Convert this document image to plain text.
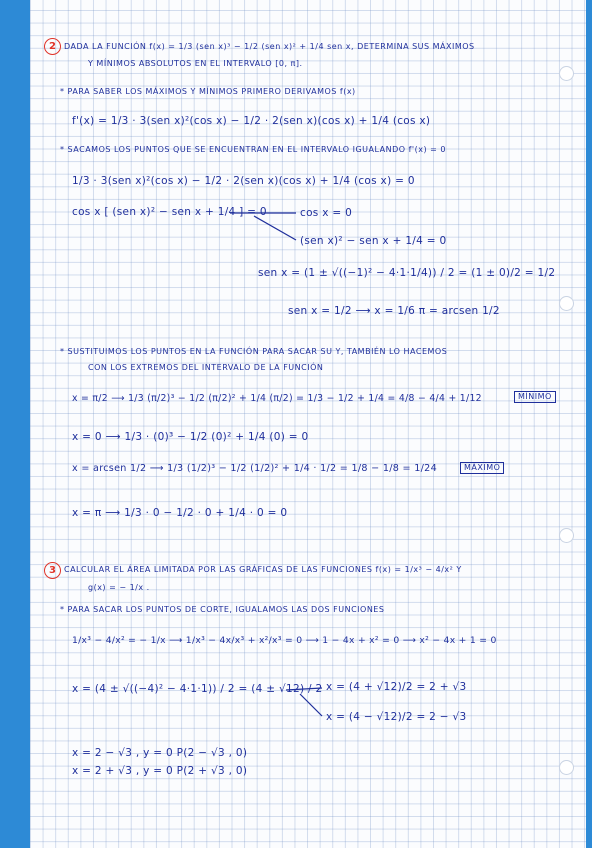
2	DADA LA FUNCIÓN f(x) = 1/3 (sen x)³ − 1/2 (sen x)² + 1/4 sen x, DETERMINA SUS MÁXIMOS
Y MÍNIMOS ABSOLUTOS EN EL INTERVALO [0, π].
* PARA SABER LOS MÁXIMOS Y MÍNIMOS PRIMERO DERIVAMOS f(x)
f'(x) = 1/3 · 3(sen x)²(cos x) − 1/2 · 2(sen x)(cos x) + 1/4 (cos x)
* SACAMOS LOS PUNTOS QUE SE ENCUENTRAN EN EL INTERVALO IGUALANDO f'(x) = 0
1/3 · 3(sen x)²(cos x) − 1/2 · 2(sen x)(cos x) + 1/4 (cos x) = 0
cos x [ (sen x)² − sen x + 1/4 ] = 0	cos x = 0
(sen x)² − sen x + 1/4 = 0
sen x = (1 ± √((−1)² − 4·1·1/4)) / 2 = (1 ± 0)/2 = 1/2
sen x = 1/2 ⟶ x = 1/6 π = arcsen 1/2
* SUSTITUIMOS LOS PUNTOS EN LA FUNCIÓN PARA SACAR SU Y, TAMBIÉN LO HACEMOS
CON LOS EXTREMOS DEL INTERVALO DE LA FUNCIÓN
x = π/2 ⟶ 1/3 (π/2)³ − 1/2 (π/2)² + 1/4 (π/2) = 1/3 − 1/2 + 1/4 = 4/8 − 4/4 + 1/12	MÍNIMO
x = 0 ⟶ 1/3 · (0)³ − 1/2 (0)² + 1/4 (0) = 0
x = arcsen 1/2 ⟶ 1/3 (1/2)³ − 1/2 (1/2)² + 1/4 · 1/2 = 1/8 − 1/8 = 1/24	MÁXIMO
x = π ⟶ 1/3 · 0 − 1/2 · 0 + 1/4 · 0 = 0
3	CALCULAR EL ÁREA LIMITADA POR LAS GRÁFICAS DE LAS FUNCIONES f(x) = 1/x³ − 4/x² Y
g(x) = − 1/x .
* PARA SACAR LOS PUNTOS DE CORTE, IGUALAMOS LAS DOS FUNCIONES
1/x³ − 4/x² = − 1/x ⟶ 1/x³ − 4x/x³ + x²/x³ = 0 ⟶ 1 − 4x + x² = 0 ⟶ x² − 4x + 1 = 0
x = (4 ± √((−4)² − 4·1·1)) / 2 = (4 ± √12) / 2 x = (4 + √12)/2 = 2 + √3
x = (4 − √12)/2 = 2 − √3
x = 2 − √3 , y = 0 P(2 − √3 , 0)
x = 2 + √3 , y = 0 P(2 + √3 , 0)
